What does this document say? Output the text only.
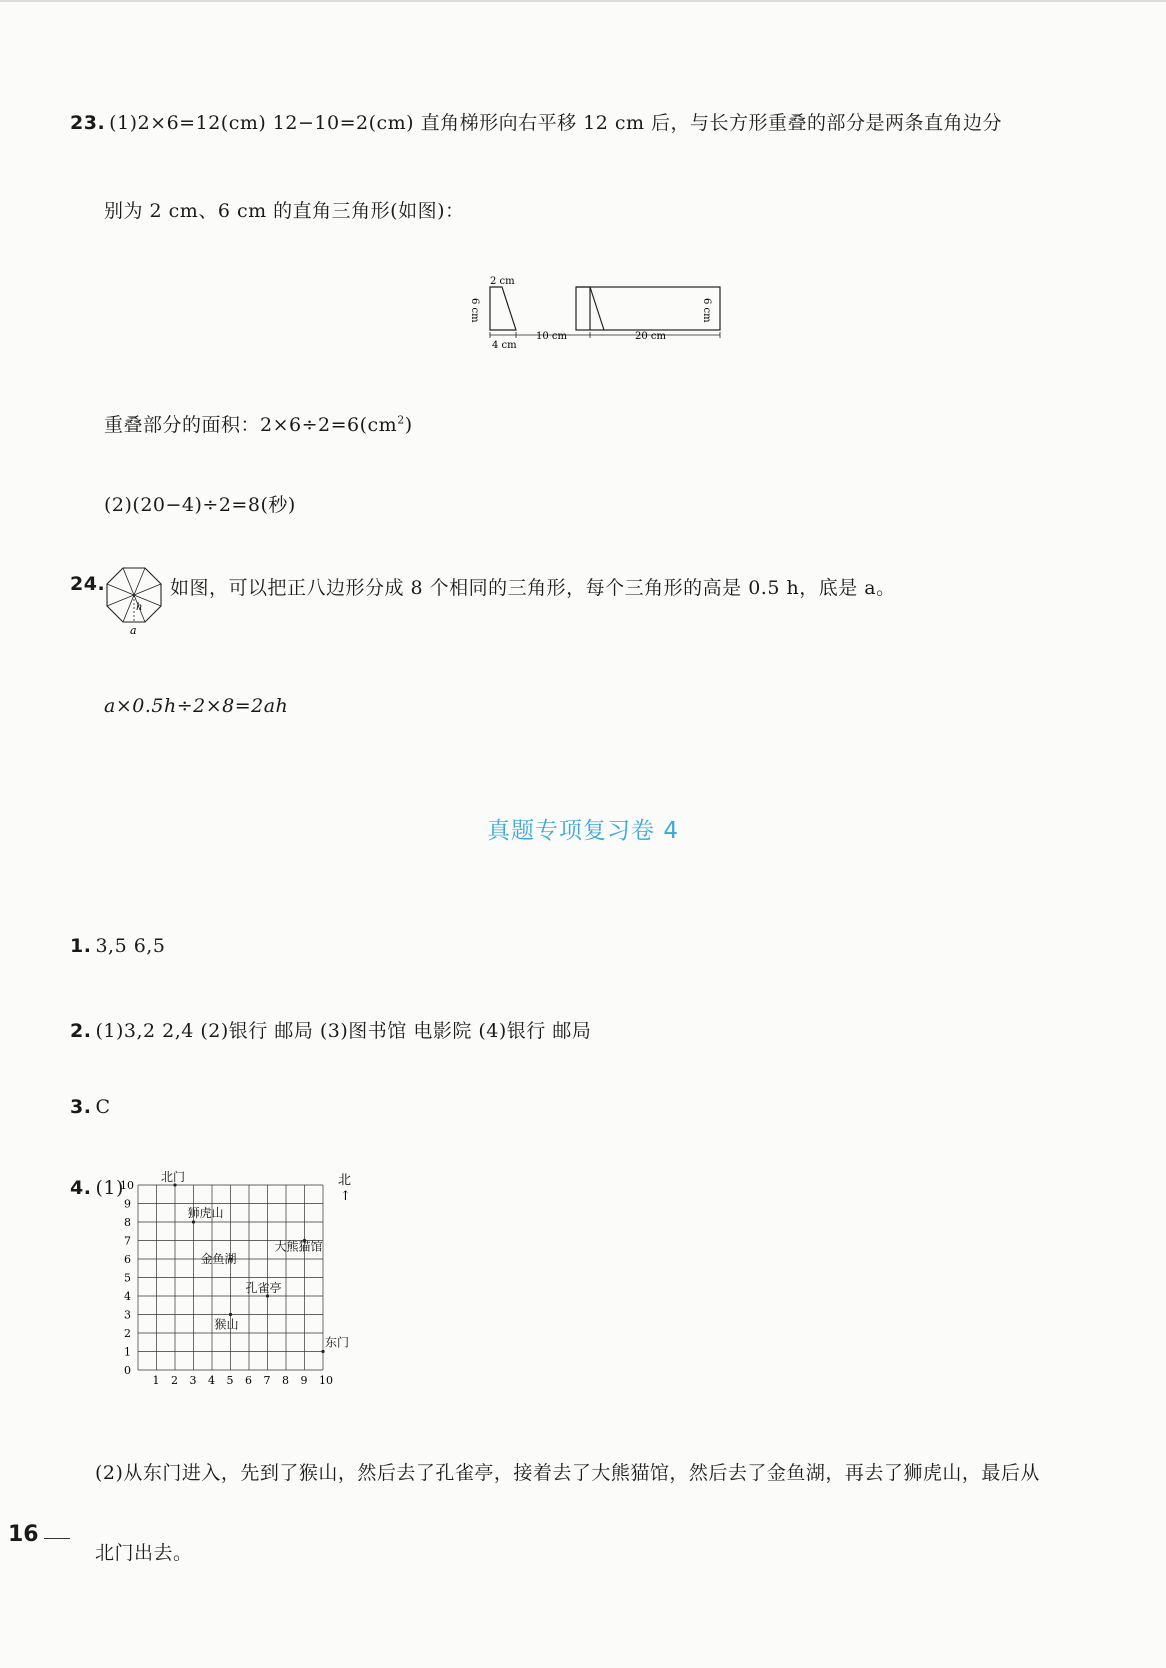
23. (1)2×6=12(cm) 12−10=2(cm) 直角梯形向右平移 12 cm 后，与长方形重叠的部分是两条直角边分
别为 2 cm、6 cm 的直角三角形(如图)：
2 cm
6 cm	6 cm
4 cm
10 cm	20 cm
重叠部分的面积：$2\times 6\div 2=6(cm^2)$
(2)(20−4)÷2=8(秒)
24.
h
a
如图，可以把正八边形分成 8 个相同的三角形，每个三角形的高是 0.5 h，底是 a。
a×0.5h÷2×8=2ah
真题专项复习卷 4
1. 3,5 6,5
2. (1)3,2 2,4 (2)银行 邮局 (3)图书馆 电影院 (4)银行 邮局
3. C
4. (1)
1 2 3 4 5 6 7 8 9 10
0
1
2
3
4
5
6
7
8
9
10
北门
狮虎山
大熊猫馆
金鱼湖
孔雀亭
猴山
东门
北
↑
(2)从东门进入，先到了猴山，然后去了孔雀亭，接着去了大熊猫馆，然后去了金鱼湖，再去了狮虎山，最后从
北门出去。
16
